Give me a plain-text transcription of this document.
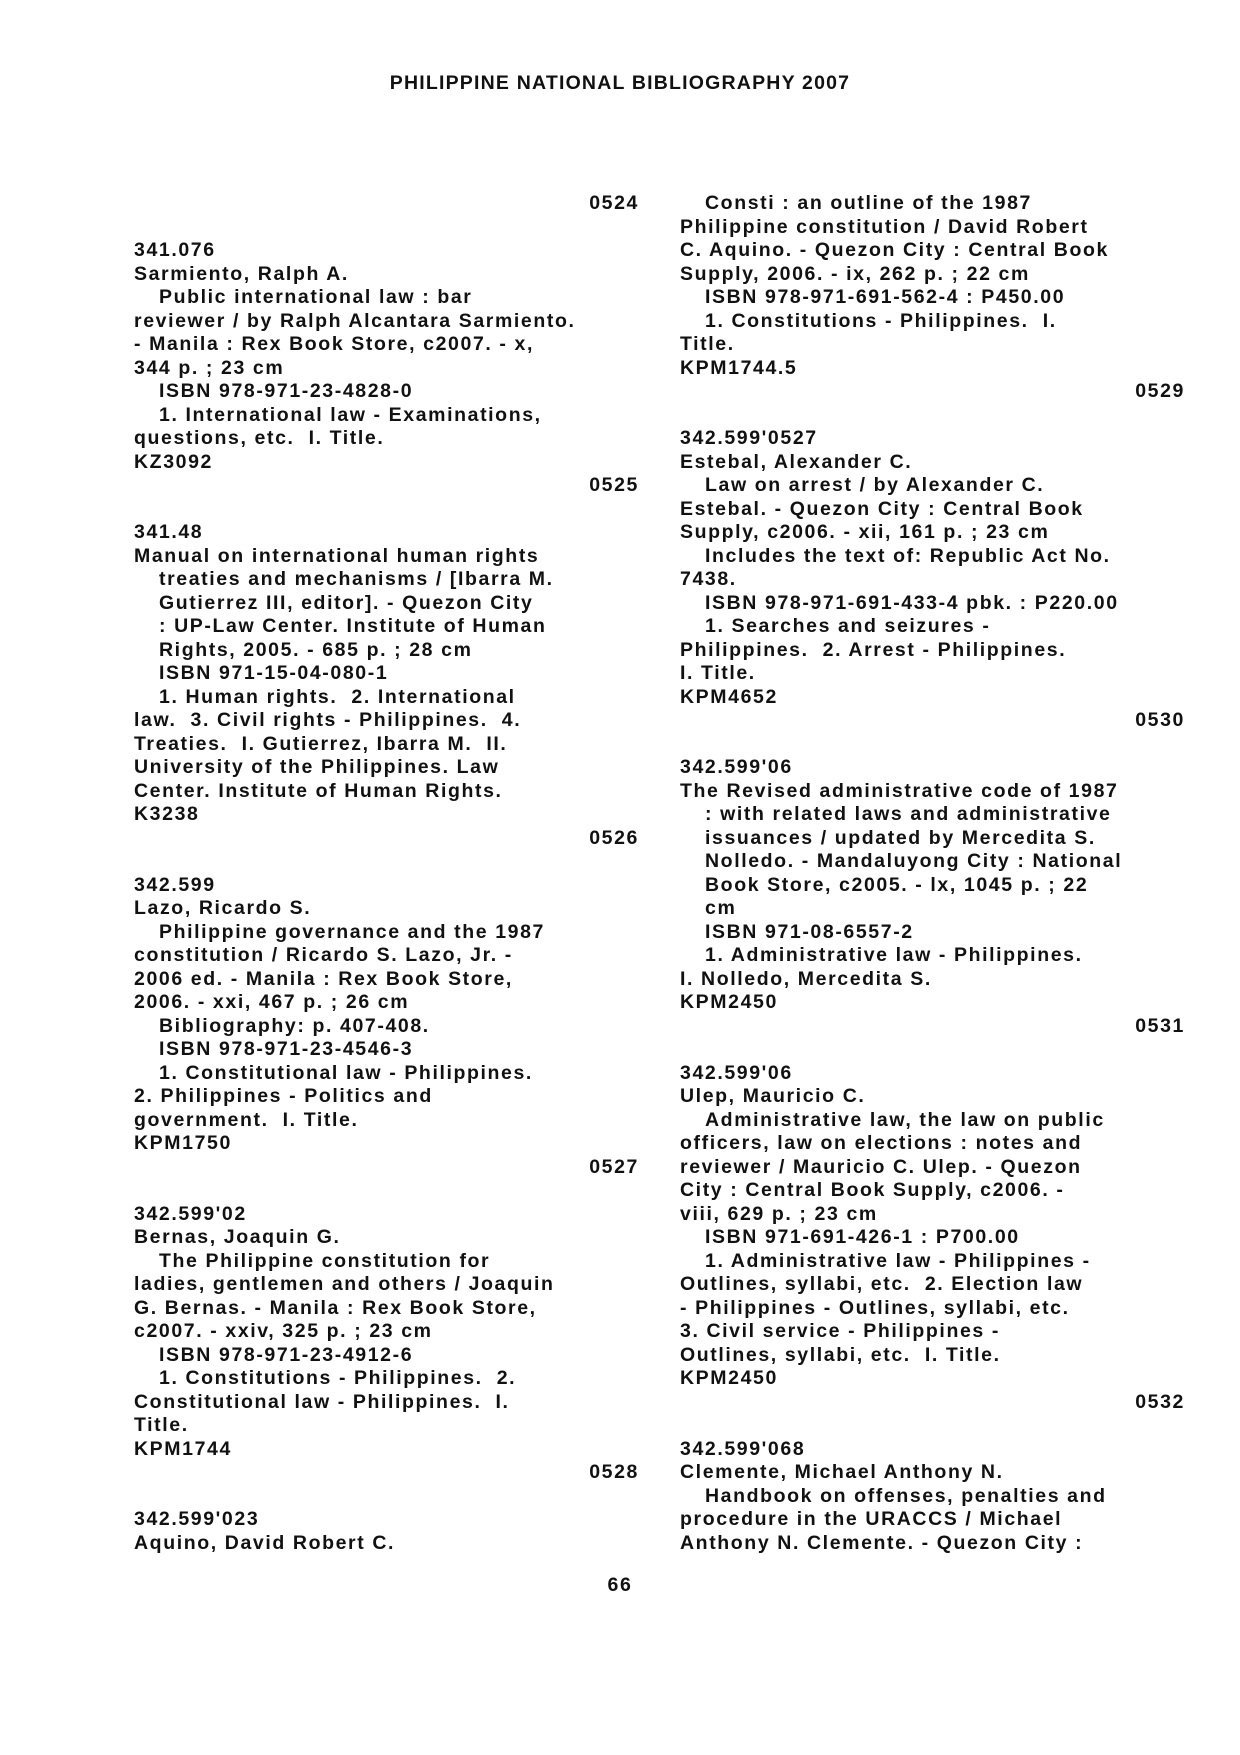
PHILIPPINE NATIONAL BIBLIOGRAPHY 2007
0524
341.076
Sarmiento, Ralph A.
Public international law : bar
reviewer / by Ralph Alcantara Sarmiento.
- Manila : Rex Book Store, c2007. - x,
344 p. ; 23 cm
ISBN 978-971-23-4828-0
1. International law - Examinations,
questions, etc.  I. Title.
KZ3092
0525
341.48
Manual on international human rights
treaties and mechanisms / [Ibarra M.
Gutierrez III, editor]. - Quezon City
: UP-Law Center. Institute of Human
Rights, 2005. - 685 p. ; 28 cm
ISBN 971-15-04-080-1
1. Human rights.  2. International
law.  3. Civil rights - Philippines.  4.
Treaties.  I. Gutierrez, Ibarra M.  II.
University of the Philippines. Law
Center. Institute of Human Rights.
K3238
0526
342.599
Lazo, Ricardo S.
Philippine governance and the 1987
constitution / Ricardo S. Lazo, Jr. -
2006 ed. - Manila : Rex Book Store,
2006. - xxi, 467 p. ; 26 cm
Bibliography: p. 407-408.
ISBN 978-971-23-4546-3
1. Constitutional law - Philippines.
2. Philippines - Politics and
government.  I. Title.
KPM1750
0527
342.599'02
Bernas, Joaquin G.
The Philippine constitution for
ladies, gentlemen and others / Joaquin
G. Bernas. - Manila : Rex Book Store,
c2007. - xxiv, 325 p. ; 23 cm
ISBN 978-971-23-4912-6
1. Constitutions - Philippines.  2.
Constitutional law - Philippines.  I.
Title.
KPM1744
0528
342.599'023
Aquino, David Robert C.
Consti : an outline of the 1987
Philippine constitution / David Robert
C. Aquino. - Quezon City : Central Book
Supply, 2006. - ix, 262 p. ; 22 cm
ISBN 978-971-691-562-4 : P450.00
1. Constitutions - Philippines.  I.
Title.
KPM1744.5
0529
342.599'0527
Estebal, Alexander C.
Law on arrest / by Alexander C.
Estebal. - Quezon City : Central Book
Supply, c2006. - xii, 161 p. ; 23 cm
Includes the text of: Republic Act No.
7438.
ISBN 978-971-691-433-4 pbk. : P220.00
1. Searches and seizures -
Philippines.  2. Arrest - Philippines.
I. Title.
KPM4652
0530
342.599'06
The Revised administrative code of 1987
: with related laws and administrative
issuances / updated by Mercedita S.
Nolledo. - Mandaluyong City : National
Book Store, c2005. - lx, 1045 p. ; 22
cm
ISBN 971-08-6557-2
1. Administrative law - Philippines.
I. Nolledo, Mercedita S.
KPM2450
0531
342.599'06
Ulep, Mauricio C.
Administrative law, the law on public
officers, law on elections : notes and
reviewer / Mauricio C. Ulep. - Quezon
City : Central Book Supply, c2006. -
viii, 629 p. ; 23 cm
ISBN 971-691-426-1 : P700.00
1. Administrative law - Philippines -
Outlines, syllabi, etc.  2. Election law
- Philippines - Outlines, syllabi, etc.
3. Civil service - Philippines -
Outlines, syllabi, etc.  I. Title.
KPM2450
0532
342.599'068
Clemente, Michael Anthony N.
Handbook on offenses, penalties and
procedure in the URACCS / Michael
Anthony N. Clemente. - Quezon City :
66
